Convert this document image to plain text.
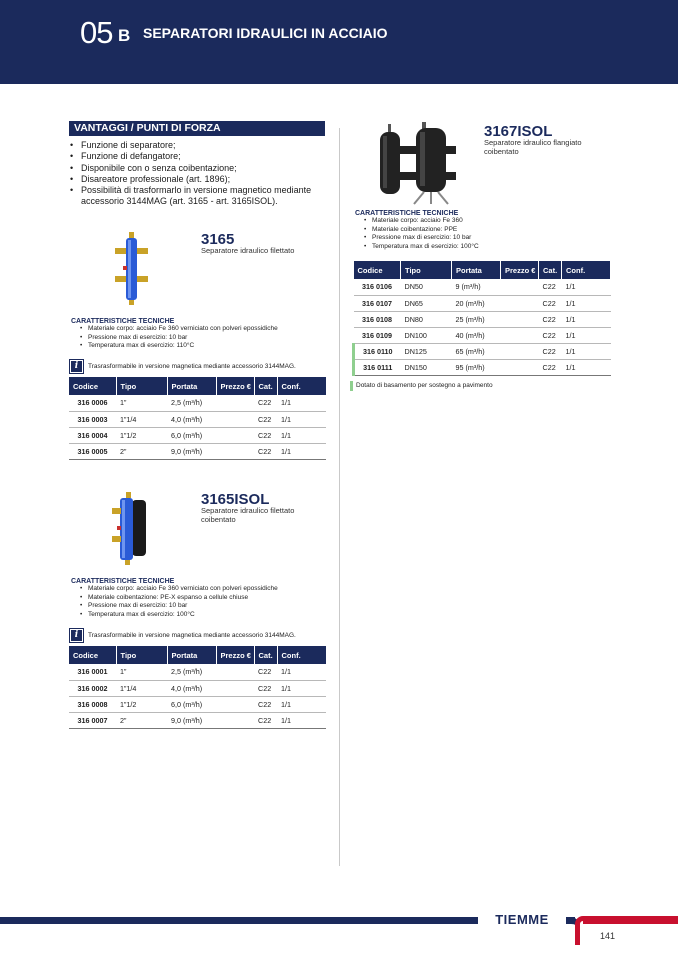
05 B SEPARATORI IDRAULICI IN ACCIAIO
VANTAGGI / PUNTI DI FORZA
• Funzione di separatore;
• Funzione di defangatore;
• Disponibile con o senza coibentazione;
• Disareatore professionale (art. 1896);
• Possibilità di trasformarlo in versione magnetico mediante accessorio 3144MAG (art. 3165 - art. 3165ISOL).
3165
Separatore idraulico filettato
CARATTERISTICHE TECNICHE
• Materiale corpo: acciaio Fe 360 verniciato con polveri epossidiche
• Pressione max di esercizio: 10 bar
• Temperatura max di esercizio: 110°C
i	Trasrasformabile in versione magnetica mediante accessorio 3144MAG.
Codice	Tipo	Portata	Prezzo €	Cat.	Conf.
316 0006	1”	2,5 (m³/h)		C22	1/1
316 0003	1”1/4	4,0 (m³/h)		C22	1/1
316 0004	1”1/2	6,0 (m³/h)		C22	1/1
316 0005	2”	9,0 (m³/h)		C22	1/1
3165ISOL
Separatore idraulico filettato
coibentato
CARATTERISTICHE TECNICHE
• Materiale corpo: acciaio Fe 360 verniciato con polveri epossidiche
• Materiale coibentazione: PE-X espanso a cellule chiuse
• Pressione max di esercizio: 10 bar
• Temperatura max di esercizio: 100°C
i	Trasrasformabile in versione magnetica mediante accessorio 3144MAG.
Codice	Tipo	Portata	Prezzo €	Cat.	Conf.
316 0001	1”	2,5 (m³/h)		C22	1/1
316 0002	1”1/4	4,0 (m³/h)		C22	1/1
316 0008	1”1/2	6,0 (m³/h)		C22	1/1
316 0007	2”	9,0 (m³/h)		C22	1/1
3167ISOL
Separatore idraulico flangiato
coibentato
CARATTERISTICHE TECNICHE
• Materiale corpo: acciaio Fe 360
• Materiale coibentazione: PPE
• Pressione max di esercizio: 10 bar
• Temperatura max di esercizio: 100°C
Codice	Tipo	Portata	Prezzo €	Cat.	Conf.
316 0106	DN50	9 (m³/h)		C22	1/1
316 0107	DN65	20 (m³/h)		C22	1/1
316 0108	DN80	25 (m³/h)		C22	1/1
316 0109	DN100	40 (m³/h)		C22	1/1
316 0110	DN125	65 (m³/h)		C22	1/1
316 0111	DN150	95 (m³/h)		C22	1/1
Dotato di basamento per sostegno a pavimento
TIEMME
141
